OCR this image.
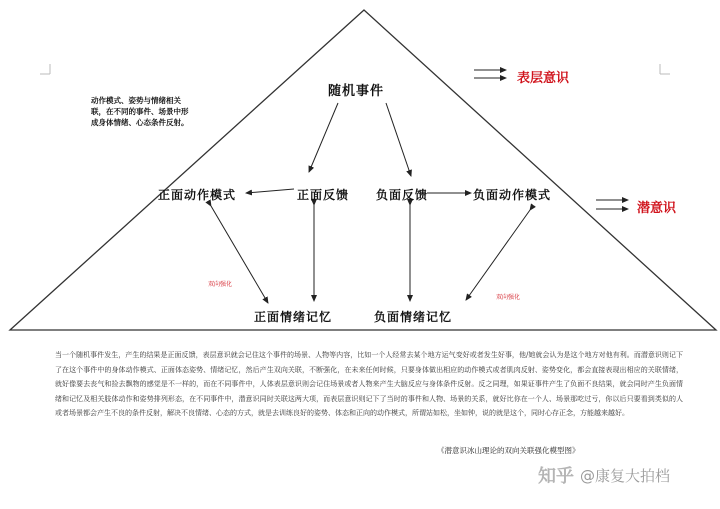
随机事件
正面动作模式	正面反馈 负面反馈	负面动作模式
正面情绪记忆	负面情绪记忆
表层意识
潜意识
双向强化
双向强化
动作模式、姿势与情绪相关联，在不同的事件、场景中形成身体情绪、心态条件反射。
当一个随机事件发生，产生的结果是正面反馈，表层意识就会记住这个事件的场景、人物等内容，比如一个人经常去某个地方运气变好或者发生好事，他/她就会认为是这个地方对他有利。而潜意识则记下了在这个事件中的身体动作模式、正面体态姿势、情绪记忆，然后产生双向关联，不断强化，在未来任何时候，只要身体做出相应的动作模式或者肌肉反射、姿势变化，都会直接表现出相应的关联情绪，就好像要去丧气和捡去飘物的感觉是不一样的，而在不同事件中，人体表层意识则会记住场景或者人物来产生大脑反应与身体条件反射。反之同理，如果证事件产生了负面不良结果，就会同时产生负面情绪和记忆及相关肢体动作和姿势排列形态，在不同事件中，潜意识同时关联这两大项，而表层意识则记下了当时的事件和人物、场景的关系，就好比你在一个人、场景那吃过亏，你以后只要看到类似的人或者场景都会产生不良的条件反射，解决不良情绪、心态的方式，就是去训练良好的姿势、体态和正向的动作模式，所谓站如松，坐如钟，说的就是这个，同时心存正念，方能越来越好。
《潜意识冰山理论的双向关联强化模型图》
知乎 @康复大拍档
